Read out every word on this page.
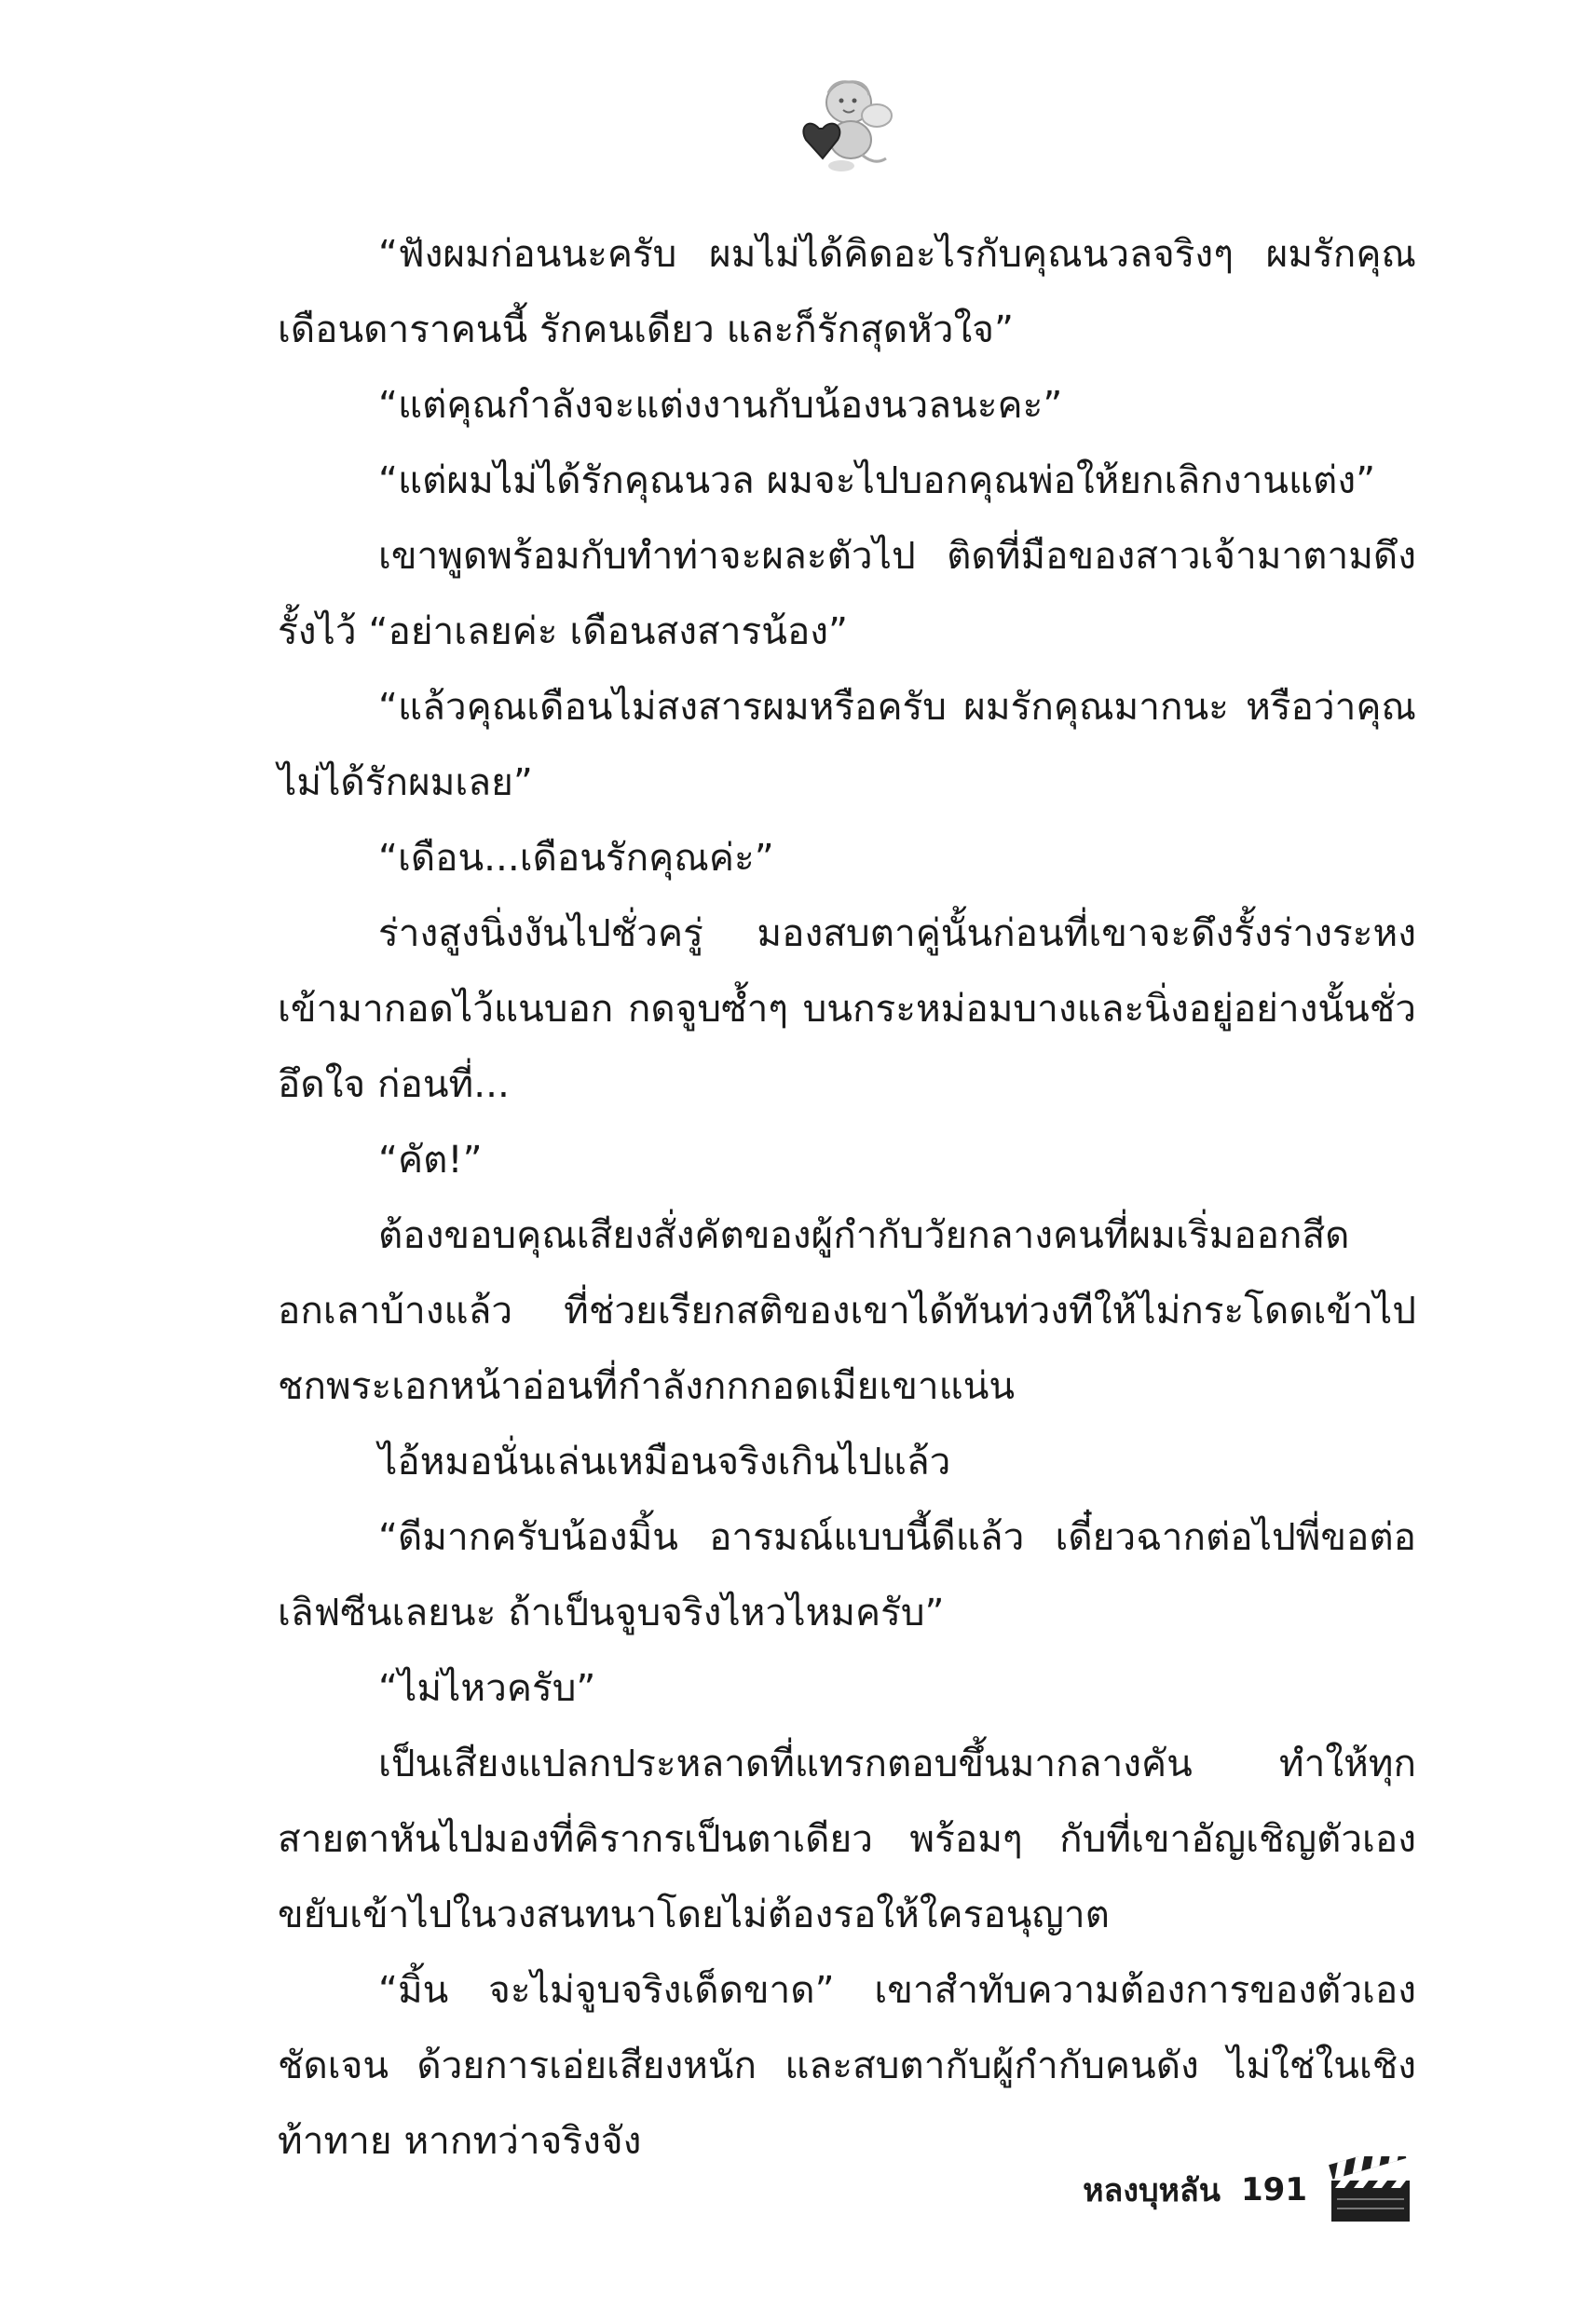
“ฟังผมก่อนนะครับ ผมไม่ได้คิดอะไรกับคุณนวลจริงๆ ผมรักคุณเดือนดาราคนนี้ รักคนเดียว และก็รักสุดหัวใจ”

“แต่คุณกำลังจะแต่งงานกับน้องนวลนะคะ”

“แต่ผมไม่ได้รักคุณนวล ผมจะไปบอกคุณพ่อให้ยกเลิกงานแต่ง”

เขาพูดพร้อมกับทำท่าจะผละตัวไป ติดที่มือของสาวเจ้ามาตามดึงรั้งไว้ “อย่าเลยค่ะ เดือนสงสารน้อง”

“แล้วคุณเดือนไม่สงสารผมหรือครับ ผมรักคุณมากนะ หรือว่าคุณไม่ได้รักผมเลย”

“เดือน...เดือนรักคุณค่ะ”

ร่างสูงนิ่งงันไปชั่วครู่ มองสบตาคู่นั้นก่อนที่เขาจะดึงรั้งร่างระหงเข้ามากอดไว้แนบอก กดจูบซ้ำๆ บนกระหม่อมบางและนิ่งอยู่อย่างนั้นชั่วอึดใจ ก่อนที่...

“คัต!”

ต้องขอบคุณเสียงสั่งคัตของผู้กำกับวัยกลางคนที่ผมเริ่มออกสีดอกเลาบ้างแล้ว ที่ช่วยเรียกสติของเขาได้ทันท่วงทีให้ไม่กระโดดเข้าไปชกพระเอกหน้าอ่อนที่กำลังกกกอดเมียเขาแน่น

ไอ้หมอนั่นเล่นเหมือนจริงเกินไปแล้ว

“ดีมากครับน้องมิ้น อารมณ์แบบนี้ดีแล้ว เดี๋ยวฉากต่อไปพี่ขอต่อเลิฟซีนเลยนะ ถ้าเป็นจูบจริงไหวไหมครับ”

“ไม่ไหวครับ”

เป็นเสียงแปลกประหลาดที่แทรกตอบขึ้นมากลางคัน ทำให้ทุกสายตาหันไปมองที่คิรากรเป็นตาเดียว พร้อมๆ กับที่เขาอัญเชิญตัวเองขยับเข้าไปในวงสนทนาโดยไม่ต้องรอให้ใครอนุญาต

“มิ้น จะไม่จูบจริงเด็ดขาด” เขาสำทับความต้องการของตัวเองชัดเจน ด้วยการเอ่ยเสียงหนัก และสบตากับผู้กำกับคนดัง ไม่ใช่ในเชิงท้าทาย หากทว่าจริงจัง

หลงบุหลัน 191
